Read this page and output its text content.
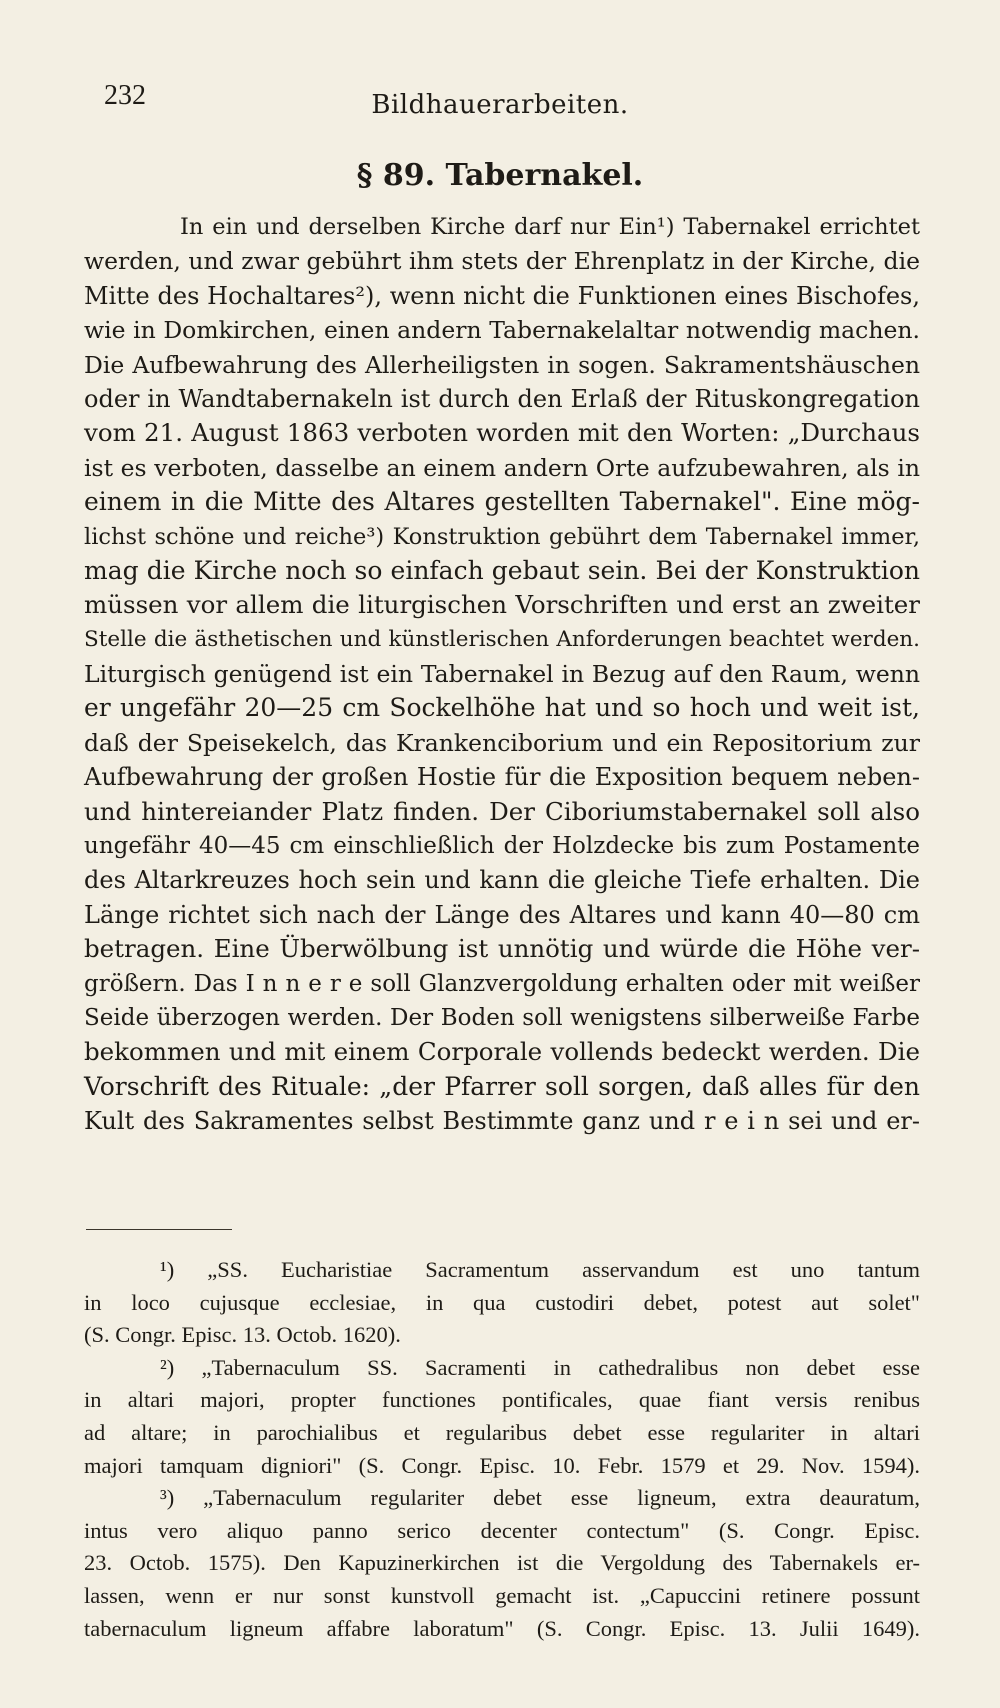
232	Bildhauerarbeiten.
§ 89. Tabernakel.
In ein und derselben Kirche darf nur Ein¹) Tabernakel errichtet
werden, und zwar gebührt ihm stets der Ehrenplatz in der Kirche, die
Mitte des Hochaltares²), wenn nicht die Funktionen eines Bischofes,
wie in Domkirchen, einen andern Tabernakelaltar notwendig machen.
Die Aufbewahrung des Allerheiligsten in sogen. Sakramentshäuschen
oder in Wandtabernakeln ist durch den Erlaß der Rituskongregation
vom 21. August 1863 verboten worden mit den Worten: „Durchaus
ist es verboten, dasselbe an einem andern Orte aufzubewahren, als in
einem in die Mitte des Altares gestellten Tabernakel". Eine mög-
lichst schöne und reiche³) Konstruktion gebührt dem Tabernakel immer,
mag die Kirche noch so einfach gebaut sein. Bei der Konstruktion
müssen vor allem die liturgischen Vorschriften und erst an zweiter
Stelle die ästhetischen und künstlerischen Anforderungen beachtet werden.
Liturgisch genügend ist ein Tabernakel in Bezug auf den Raum, wenn
er ungefähr 20—25 cm Sockelhöhe hat und so hoch und weit ist,
daß der Speisekelch, das Krankenciborium und ein Repositorium zur
Aufbewahrung der großen Hostie für die Exposition bequem neben-
und hintereiander Platz finden. Der Ciboriumstabernakel soll also
ungefähr 40—45 cm einschließlich der Holzdecke bis zum Postamente
des Altarkreuzes hoch sein und kann die gleiche Tiefe erhalten. Die
Länge richtet sich nach der Länge des Altares und kann 40—80 cm
betragen. Eine Überwölbung ist unnötig und würde die Höhe ver-
größern. Das I n n e r e soll Glanzvergoldung erhalten oder mit weißer
Seide überzogen werden. Der Boden soll wenigstens silberweiße Farbe
bekommen und mit einem Corporale vollends bedeckt werden. Die
Vorschrift des Rituale: „der Pfarrer soll sorgen, daß alles für den
Kult des Sakramentes selbst Bestimmte ganz und r e i n sei und er-
¹) „SS. Eucharistiae Sacramentum asservandum est uno tantum
in loco cujusque ecclesiae, in qua custodiri debet, potest aut solet"
(S. Congr. Episc. 13. Octob. 1620).
²) „Tabernaculum SS. Sacramenti in cathedralibus non debet esse
in altari majori, propter functiones pontificales, quae fiant versis renibus
ad altare; in parochialibus et regularibus debet esse regulariter in altari
majori tamquam digniori" (S. Congr. Episc. 10. Febr. 1579 et 29. Nov. 1594).
³) „Tabernaculum regulariter debet esse ligneum, extra deauratum,
intus vero aliquo panno serico decenter contectum" (S. Congr. Episc.
23. Octob. 1575). Den Kapuzinerkirchen ist die Vergoldung des Tabernakels er-
lassen, wenn er nur sonst kunstvoll gemacht ist. „Capuccini retinere possunt
tabernaculum ligneum affabre laboratum" (S. Congr. Episc. 13. Julii 1649).
